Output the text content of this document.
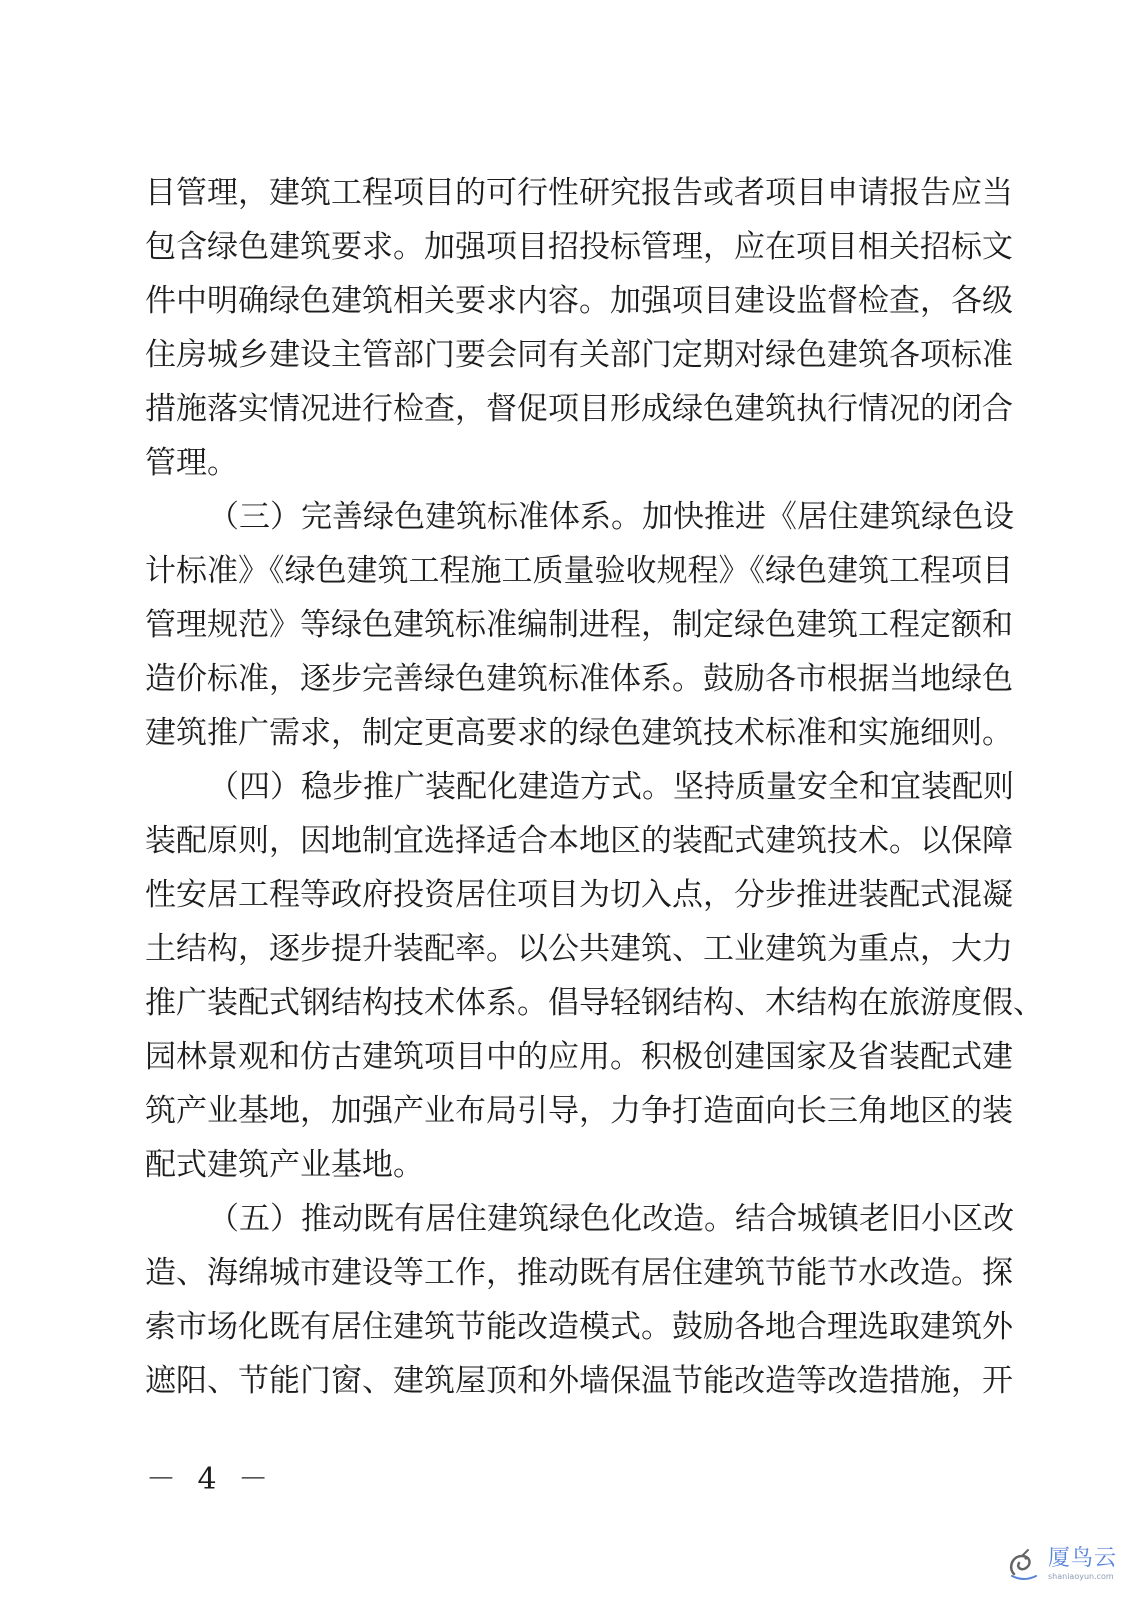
目管理，建筑工程项目的可行性研究报告或者项目申请报告应当
包含绿色建筑要求。加强项目招投标管理，应在项目相关招标文
件中明确绿色建筑相关要求内容。加强项目建设监督检查，各级
住房城乡建设主管部门要会同有关部门定期对绿色建筑各项标准
措施落实情况进行检查，督促项目形成绿色建筑执行情况的闭合
管理。
（三）完善绿色建筑标准体系。加快推进《居住建筑绿色设
计标准》《绿色建筑工程施工质量验收规程》《绿色建筑工程项目
管理规范》等绿色建筑标准编制进程，制定绿色建筑工程定额和
造价标准，逐步完善绿色建筑标准体系。鼓励各市根据当地绿色
建筑推广需求，制定更高要求的绿色建筑技术标准和实施细则。
（四）稳步推广装配化建造方式。坚持质量安全和宜装配则
装配原则，因地制宜选择适合本地区的装配式建筑技术。以保障
性安居工程等政府投资居住项目为切入点，分步推进装配式混凝
土结构，逐步提升装配率。以公共建筑、工业建筑为重点，大力
推广装配式钢结构技术体系。倡导轻钢结构、木结构在旅游度假、
园林景观和仿古建筑项目中的应用。积极创建国家及省装配式建
筑产业基地，加强产业布局引导，力争打造面向长三角地区的装
配式建筑产业基地。
（五）推动既有居住建筑绿色化改造。结合城镇老旧小区改
造、海绵城市建设等工作，推动既有居住建筑节能节水改造。探
索市场化既有居住建筑节能改造模式。鼓励各地合理选取建筑外
遮阳、节能门窗、建筑屋顶和外墙保温节能改造等改造措施，开
－ 4 －
厦鸟云
shaniaoyun.com
